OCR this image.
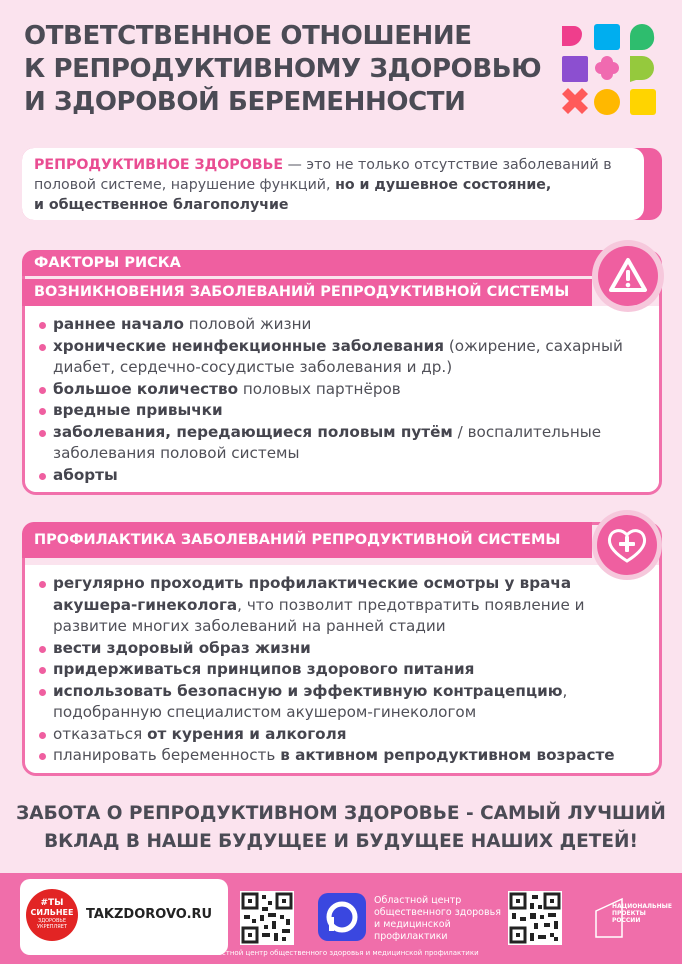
ОТВЕТСТВЕННОЕ ОТНОШЕНИЕ
К РЕПРОДУКТИВНОМУ ЗДОРОВЬЮ
И ЗДОРОВОЙ БЕРЕМЕННОСТИ
РЕПРОДУКТИВНОЕ ЗДОРОВЬЕ — это не только отсутствие заболеваний в половой системе, нарушение функций, но и душевное состояние,
и общественное благополучие
ФАКТОРЫ РИСКА
ВОЗНИКНОВЕНИЯ ЗАБОЛЕВАНИЙ РЕПРОДУКТИВНОЙ СИСТЕМЫ
раннее начало половой жизни
хронические неинфекционные заболевания (ожирение, сахарный диабет, сердечно-сосудистые заболевания и др.)
большое количество половых партнёров
вредные привычки
заболевания, передающиеся половым путём / воспалительные заболевания половой системы
аборты
ПРОФИЛАКТИКА ЗАБОЛЕВАНИЙ РЕПРОДУКТИВНОЙ СИСТЕМЫ
регулярно проходить профилактические осмотры у врача акушера-гинеколога, что позволит предотвратить появление и развитие многих заболеваний на ранней стадии
вести здоровый образ жизни
придерживаться принципов здорового питания
использовать безопасную и эффективную контрацепцию, подобранную специалистом акушером-гинекологом
отказаться от курения и алкоголя
планировать беременность в активном репродуктивном возрасте
ЗАБОТА О РЕПРОДУКТИВНОМ ЗДОРОВЬЕ - САМЫЙ ЛУЧШИЙ
ВКЛАД В НАШЕ БУДУЩЕЕ И БУДУЩЕЕ НАШИХ ДЕТЕЙ!
#ТЫ
СИЛЬНЕЕ
ЗДОРОВЬЕ
УКРЕПЛЯЕТ
TAKZDOROVO.RU
Областной центр
общественного здоровья
и медицинской
профилактики
НАЦИОНАЛЬНЫЕ
ПРОЕКТЫ
РОССИИ
Областной центр общественного здоровья и медицинской профилактики
